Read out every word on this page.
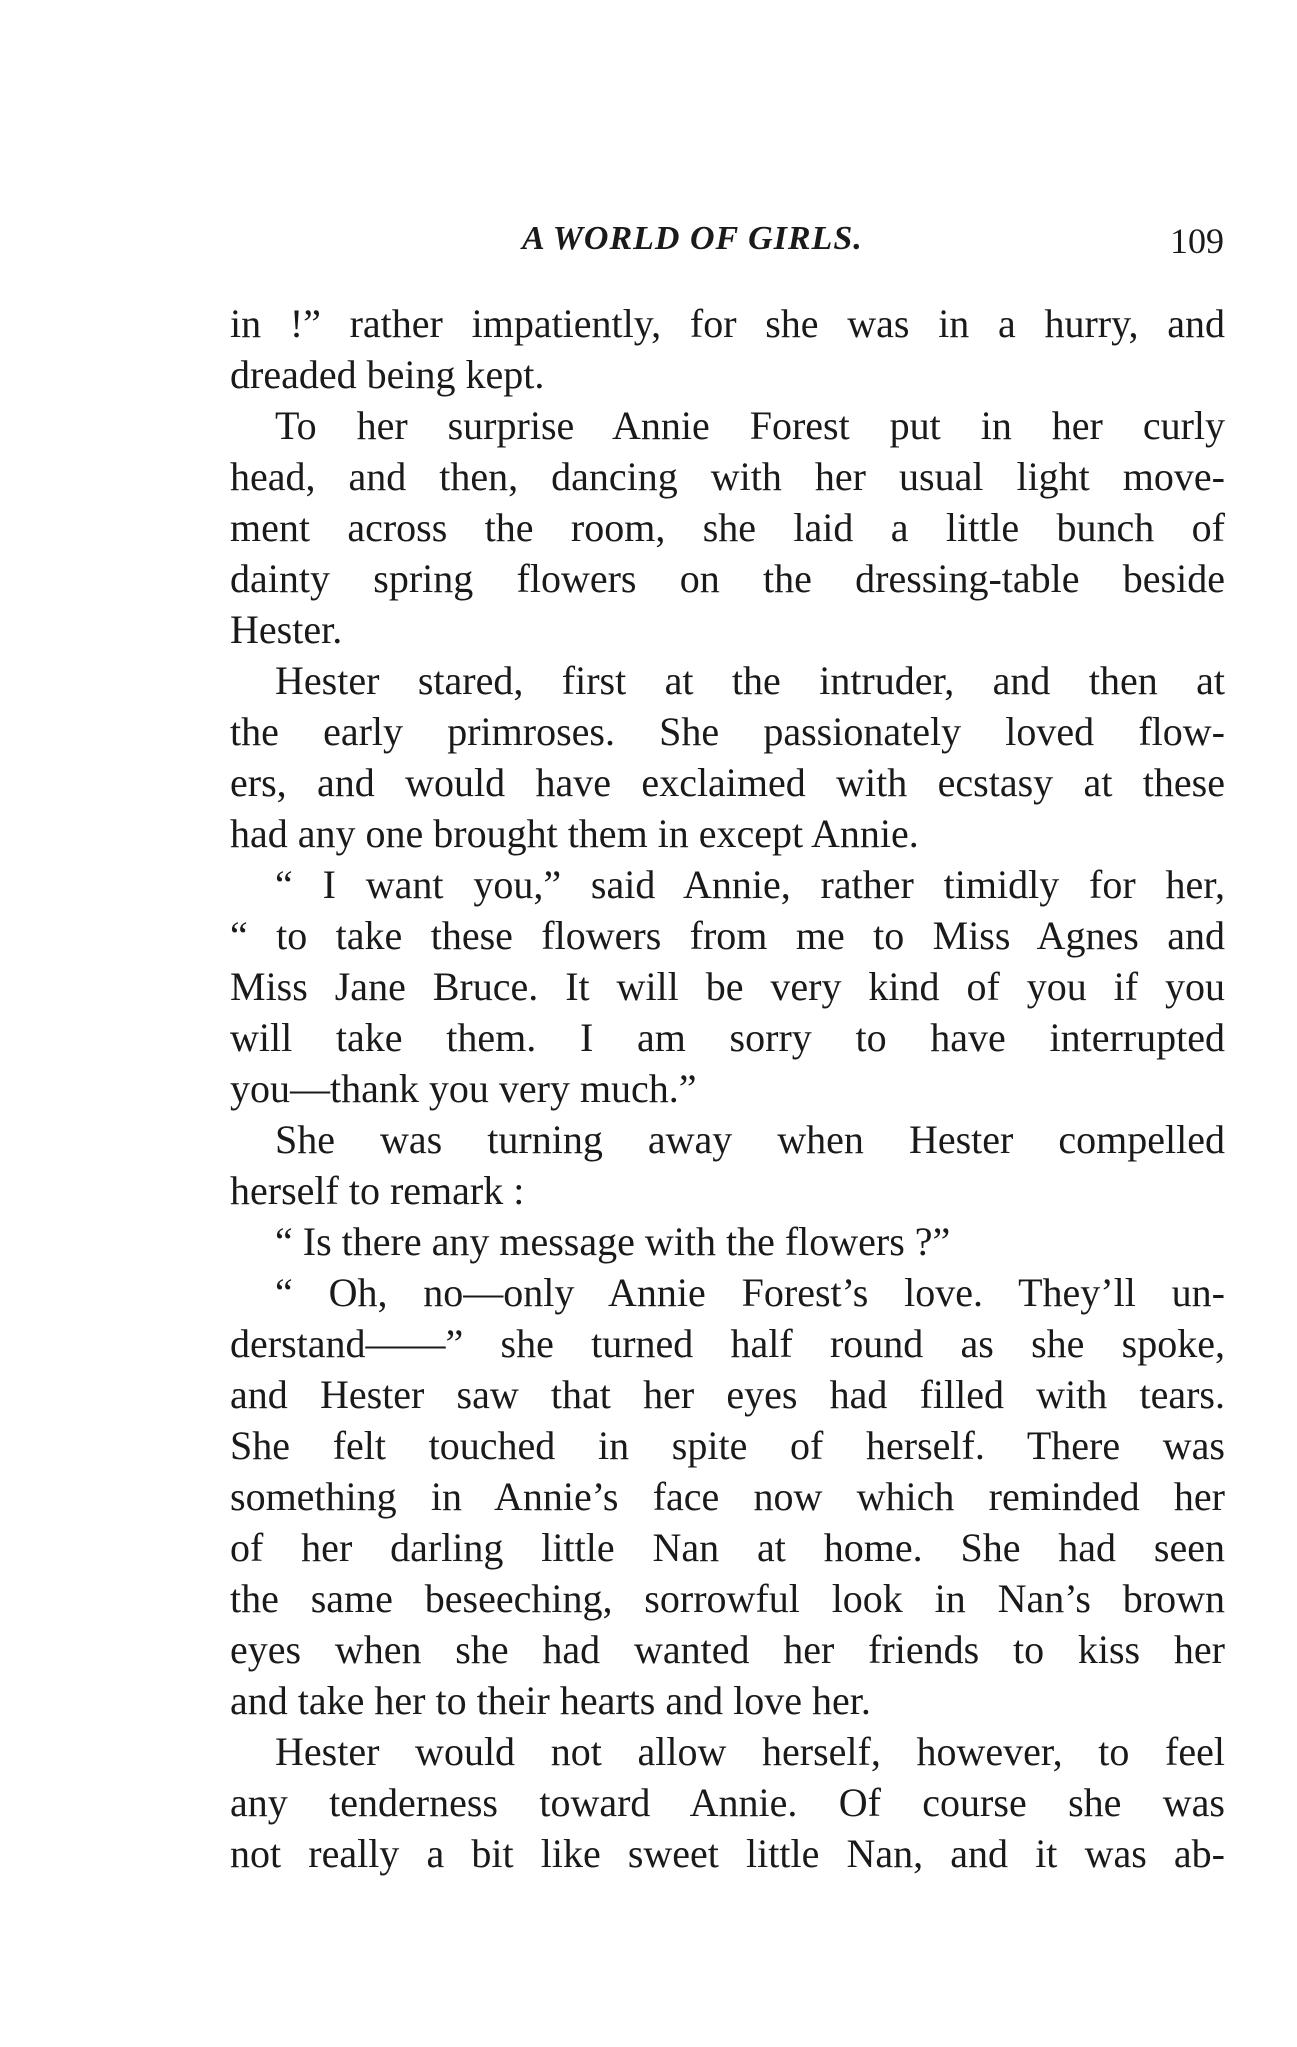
A WORLD OF GIRLS.	109
in !” rather impatiently, for she was in a hurry, and
dreaded being kept.
To her surprise Annie Forest put in her curly
head, and then, dancing with her usual light move-
ment across the room, she laid a little bunch of
dainty spring flowers on the dressing-table beside
Hester.
Hester stared, first at the intruder, and then at
the early primroses. She passionately loved flow-
ers, and would have exclaimed with ecstasy at these
had any one brought them in except Annie.
“ I want you,” said Annie, rather timidly for her,
“ to take these flowers from me to Miss Agnes and
Miss Jane Bruce. It will be very kind of you if you
will take them. I am sorry to have interrupted
you—thank you very much.”
She was turning away when Hester compelled
herself to remark :
“ Is there any message with the flowers ?”
“ Oh, no—only Annie Forest’s love. They’ll un-
derstand——” she turned half round as she spoke,
and Hester saw that her eyes had filled with tears.
She felt touched in spite of herself. There was
something in Annie’s face now which reminded her
of her darling little Nan at home. She had seen
the same beseeching, sorrowful look in Nan’s brown
eyes when she had wanted her friends to kiss her
and take her to their hearts and love her.
Hester would not allow herself, however, to feel
any tenderness toward Annie. Of course she was
not really a bit like sweet little Nan, and it was ab-
